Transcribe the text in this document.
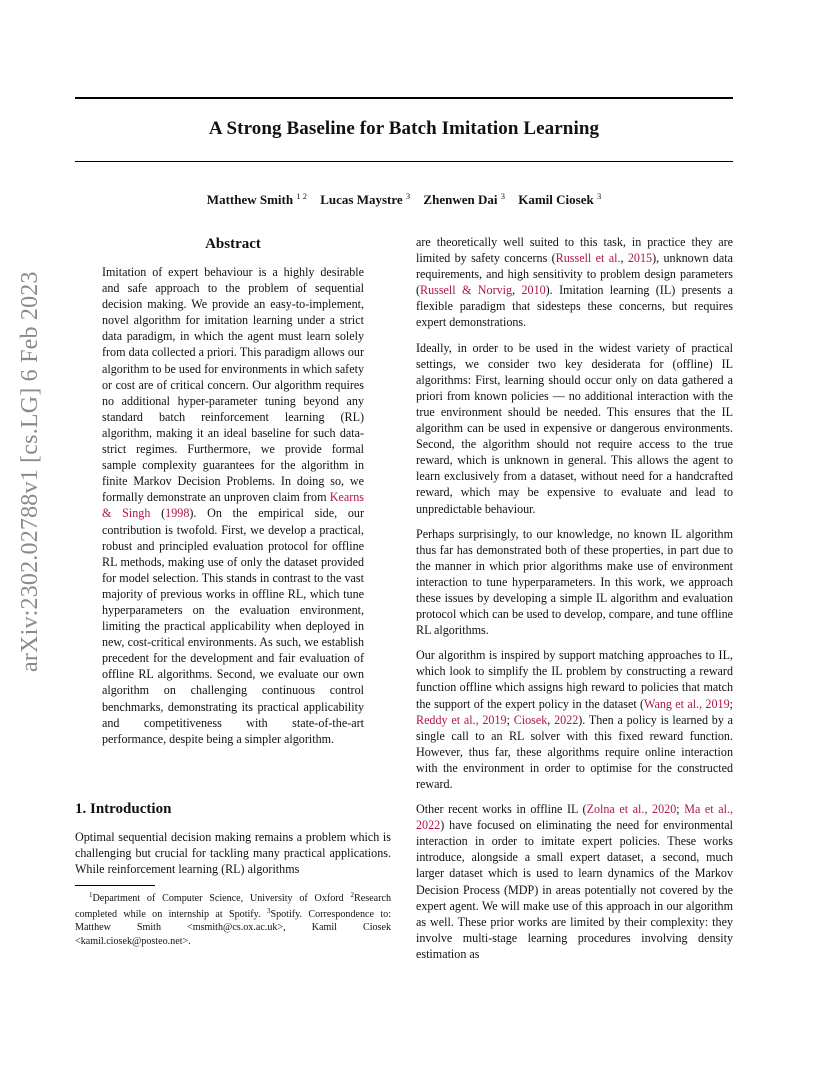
arXiv:2302.02788v1 [cs.LG] 6 Feb 2023
A Strong Baseline for Batch Imitation Learning
Matthew Smith $^{1 2}$ Lucas Maystre $^3$ Zhenwen Dai $^3$ Kamil Ciosek $^3$
Abstract
Imitation of expert behaviour is a highly desirable and safe approach to the problem of sequential decision making. We provide an easy-to-implement, novel algorithm for imitation learning under a strict data paradigm, in which the agent must learn solely from data collected a priori. This paradigm allows our algorithm to be used for environments in which safety or cost are of critical concern. Our algorithm requires no additional hyper-parameter tuning beyond any standard batch reinforcement learning (RL) algorithm, making it an ideal baseline for such data-strict regimes. Furthermore, we provide formal sample complexity guarantees for the algorithm in finite Markov Decision Problems. In doing so, we formally demonstrate an unproven claim from Kearns & Singh (1998). On the empirical side, our contribution is twofold. First, we develop a practical, robust and principled evaluation protocol for offline RL methods, making use of only the dataset provided for model selection. This stands in contrast to the vast majority of previous works in offline RL, which tune hyperparameters on the evaluation environment, limiting the practical applicability when deployed in new, cost-critical environments. As such, we establish precedent for the development and fair evaluation of offline RL algorithms. Second, we evaluate our own algorithm on challenging continuous control benchmarks, demonstrating its practical applicability and competitiveness with state-of-the-art performance, despite being a simpler algorithm.
1. Introduction
Optimal sequential decision making remains a problem which is challenging but crucial for tackling many practical applications. While reinforcement learning (RL) algorithms
$^1$Department of Computer Science, University of Oxford $^2$Research completed while on internship at Spotify. $^3$Spotify. Correspondence to: Matthew Smith <msmith@cs.ox.ac.uk>, Kamil Ciosek <kamil.ciosek@posteo.net>.

are theoretically well suited to this task, in practice they are limited by safety concerns (Russell et al., 2015), unknown data requirements, and high sensitivity to problem design parameters (Russell & Norvig, 2010). Imitation learning (IL) presents a flexible paradigm that sidesteps these concerns, but requires expert demonstrations.

Ideally, in order to be used in the widest variety of practical settings, we consider two key desiderata for (offline) IL algorithms: First, learning should occur only on data gathered a priori from known policies — no additional interaction with the true environment should be needed. This ensures that the IL algorithm can be used in expensive or dangerous environments. Second, the algorithm should not require access to the true reward, which is unknown in general. This allows the agent to learn exclusively from a dataset, without need for a handcrafted reward, which may be expensive to evaluate and lead to unpredictable behaviour.

Perhaps surprisingly, to our knowledge, no known IL algorithm thus far has demonstrated both of these properties, in part due to the manner in which prior algorithms make use of environment interaction to tune hyperparameters. In this work, we approach these issues by developing a simple IL algorithm and evaluation protocol which can be used to develop, compare, and tune offline RL algorithms.

Our algorithm is inspired by support matching approaches to IL, which look to simplify the IL problem by constructing a reward function offline which assigns high reward to policies that match the support of the expert policy in the dataset (Wang et al., 2019; Reddy et al., 2019; Ciosek, 2022). Then a policy is learned by a single call to an RL solver with this fixed reward function. However, thus far, these algorithms require online interaction with the environment in order to optimise for the constructed reward.

Other recent works in offline IL (Zolna et al., 2020; Ma et al., 2022) have focused on eliminating the need for environmental interaction in order to imitate expert policies. These works introduce, alongside a small expert dataset, a second, much larger dataset which is used to learn dynamics of the Markov Decision Process (MDP) in areas potentially not covered by the expert agent. We will make use of this approach in our algorithm as well. These prior works are limited by their complexity: they involve multi-stage learning procedures involving density estimation as
